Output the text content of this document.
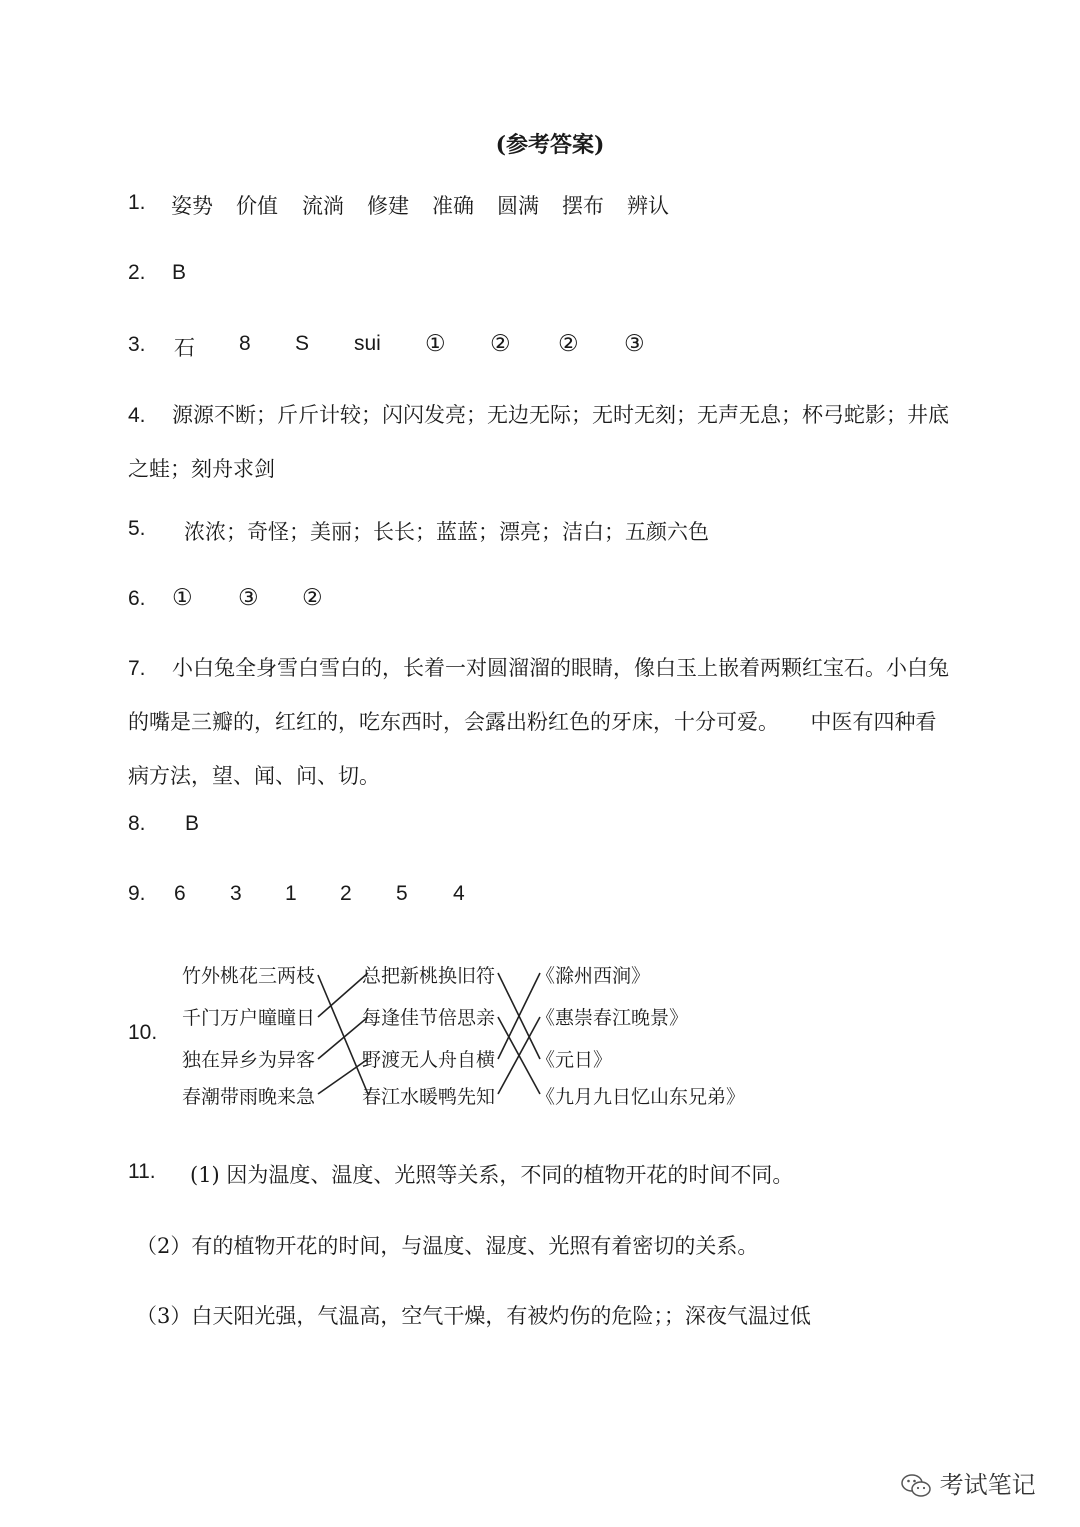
(参考答案)
1. 姿势 价值 流淌 修建 准确 圆满 摆布 辨认
2. B
3. 石 8 S sui ① ② ② ③
4.	源源不断；斤斤计较；闪闪发亮；无边无际；无时无刻；无声无息；杯弓蛇影；井底之蛙；刻舟求剑
5. 浓浓；奇怪；美丽；长长；蓝蓝；漂亮；洁白；五颜六色
6. ① ③ ②
7.	小白兔全身雪白雪白的，长着一对圆溜溜的眼睛，像白玉上嵌着两颗红宝石。小白兔的嘴是三瓣的，红红的，吃东西时，会露出粉红色的牙床，十分可爱。　　中医有四种看病方法，望、闻、问、切。
8. B
9. 6 3 1 2 5 4
10.
竹外桃花三两枝
千门万户曈曈日
独在异乡为异客
春潮带雨晚来急
总把新桃换旧符
每逢佳节倍思亲
野渡无人舟自横
春江水暖鸭先知
《滁州西涧》
《惠崇春江晚景》
《元日》
《九月九日忆山东兄弟》
11. (1) 因为温度、温度、光照等关系，不同的植物开花的时间不同。
（2）有的植物开花的时间，与温度、湿度、光照有着密切的关系。
（3）白天阳光强，气温高，空气干燥，有被灼伤的危险；；深夜气温过低
考试笔记
